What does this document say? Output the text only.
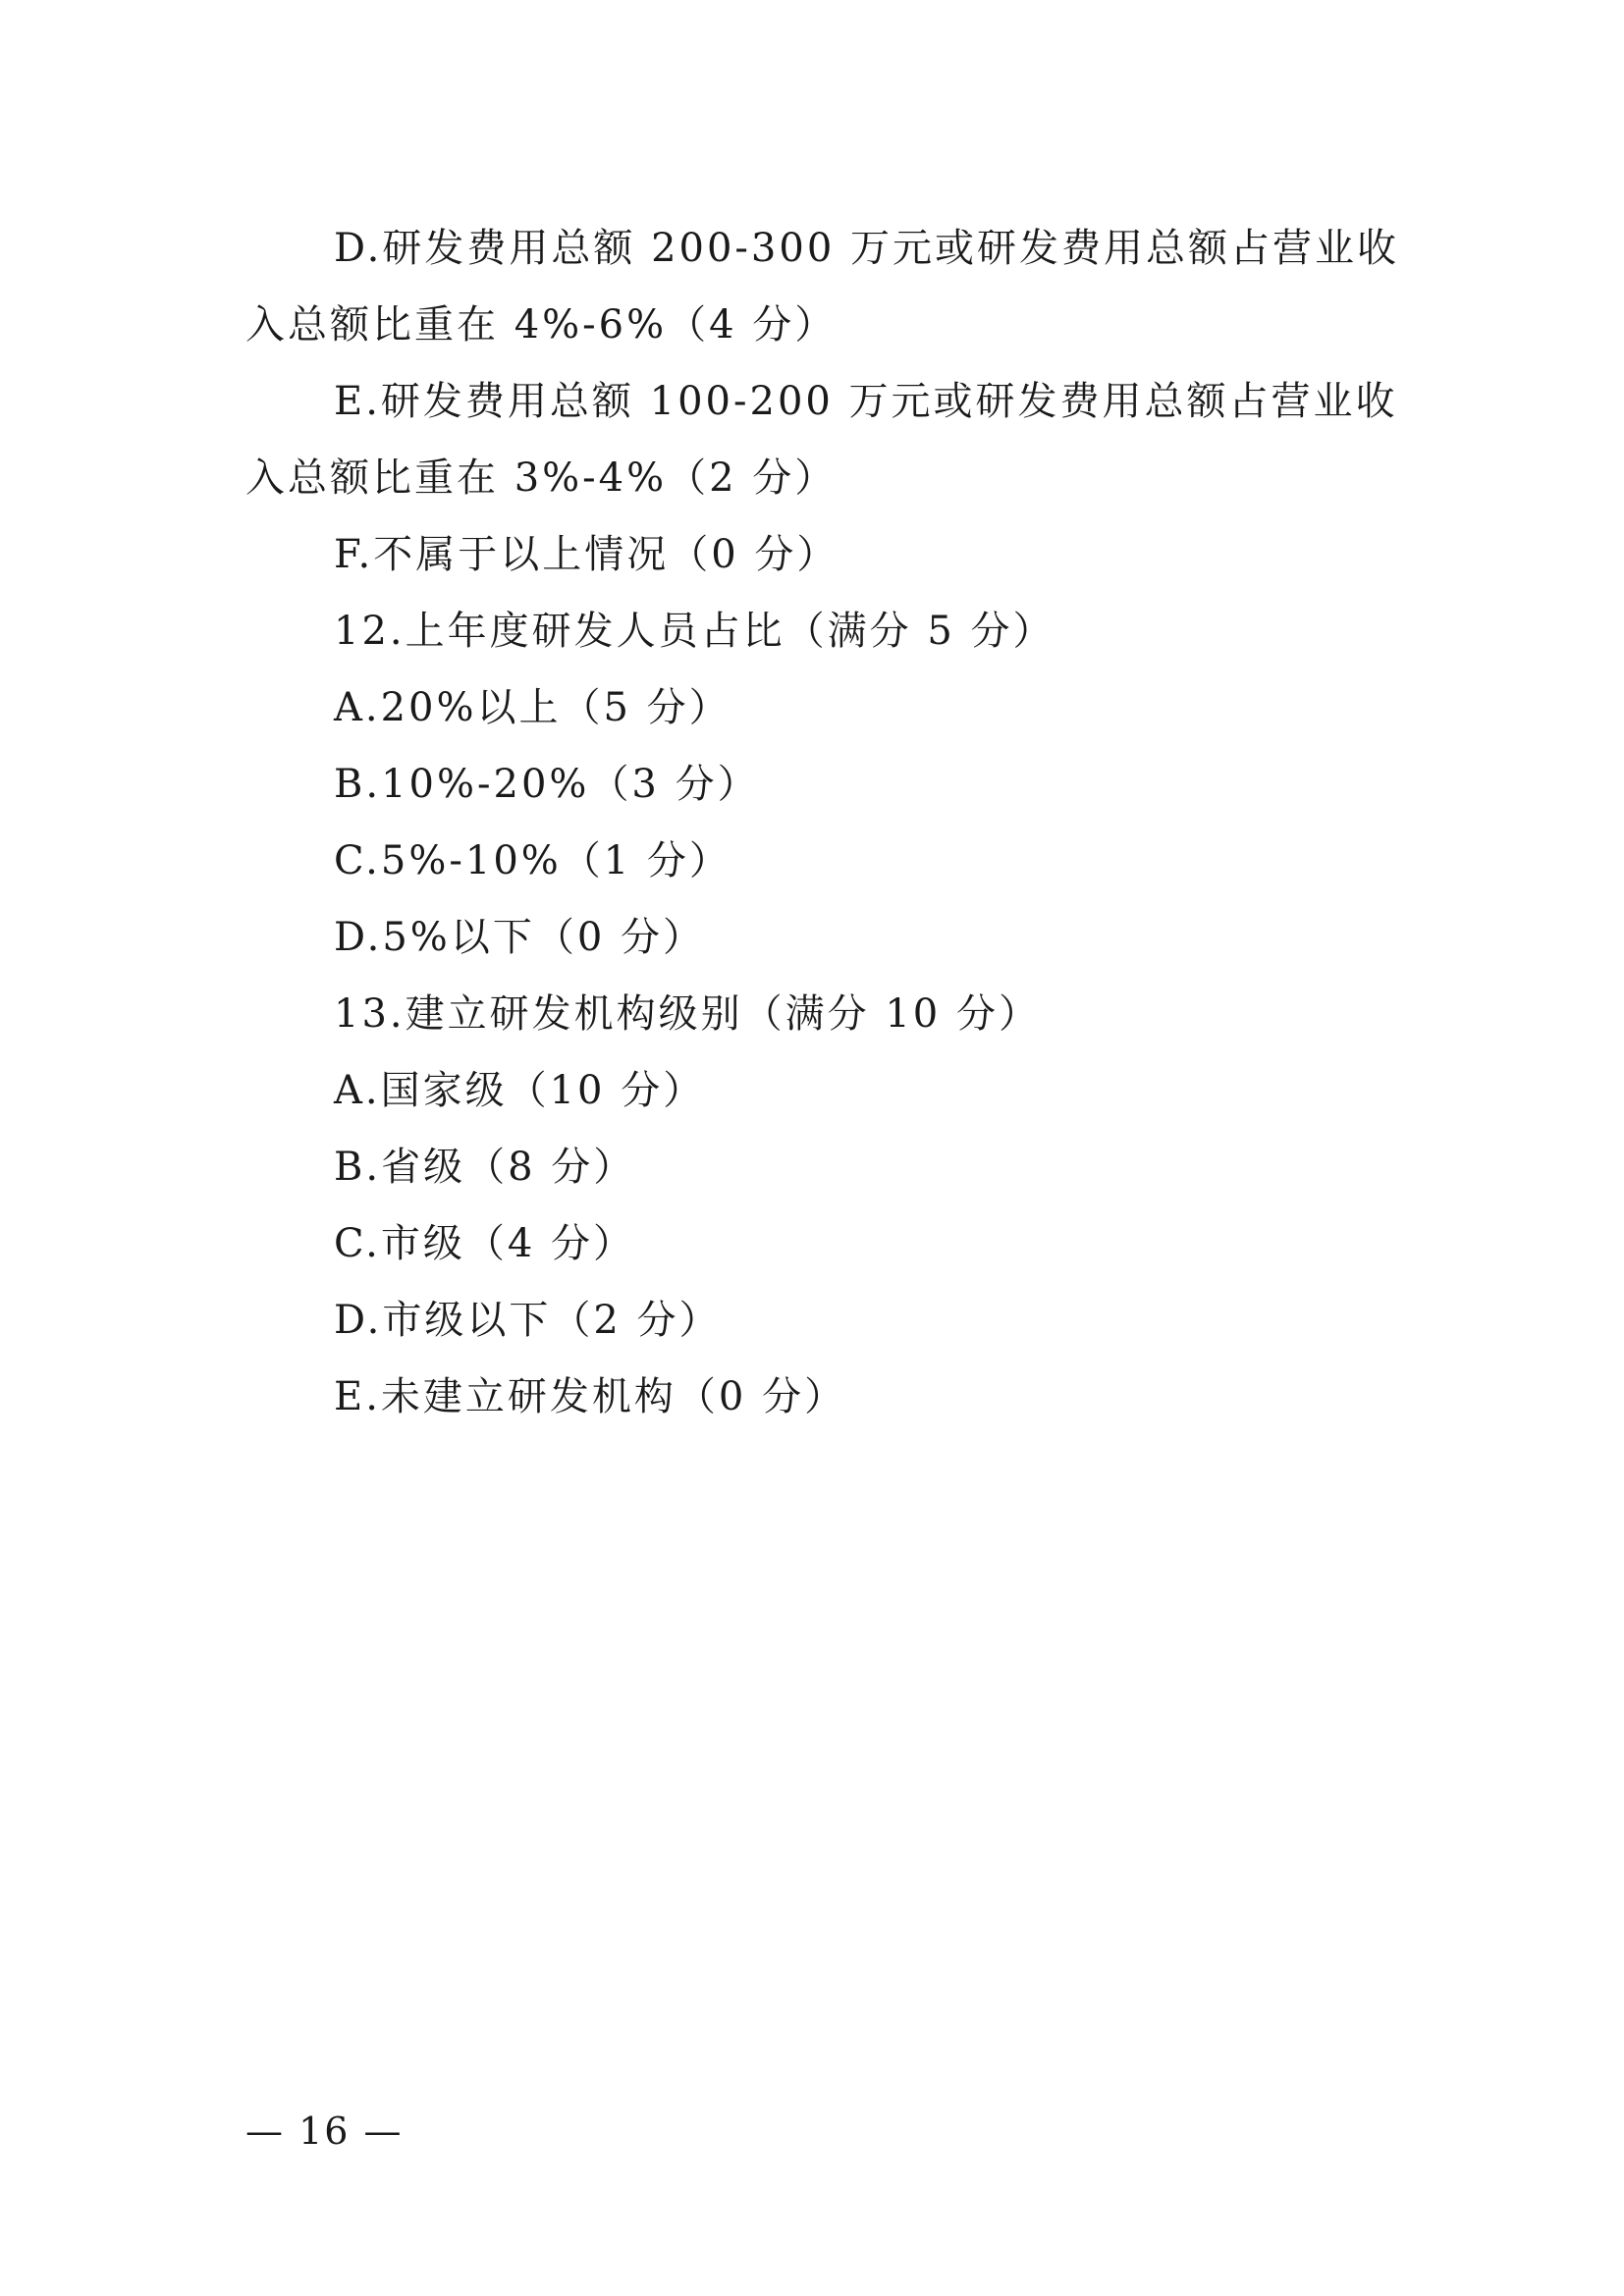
D.研发费用总额 200-300 万元或研发费用总额占营业收

入总额比重在 4%-6%（4 分）

E.研发费用总额 100-200 万元或研发费用总额占营业收

入总额比重在 3%-4%（2 分）

F.不属于以上情况（0 分）

12.上年度研发人员占比（满分 5 分）

A.20%以上（5 分）

B.10%-20%（3 分）

C.5%-10%（1 分）

D.5%以下（0 分）

13.建立研发机构级别（满分 10 分）

A.国家级（10 分）

B.省级（8 分）

C.市级（4 分）

D.市级以下（2 分）

E.未建立研发机构（0 分）

— 16 —
